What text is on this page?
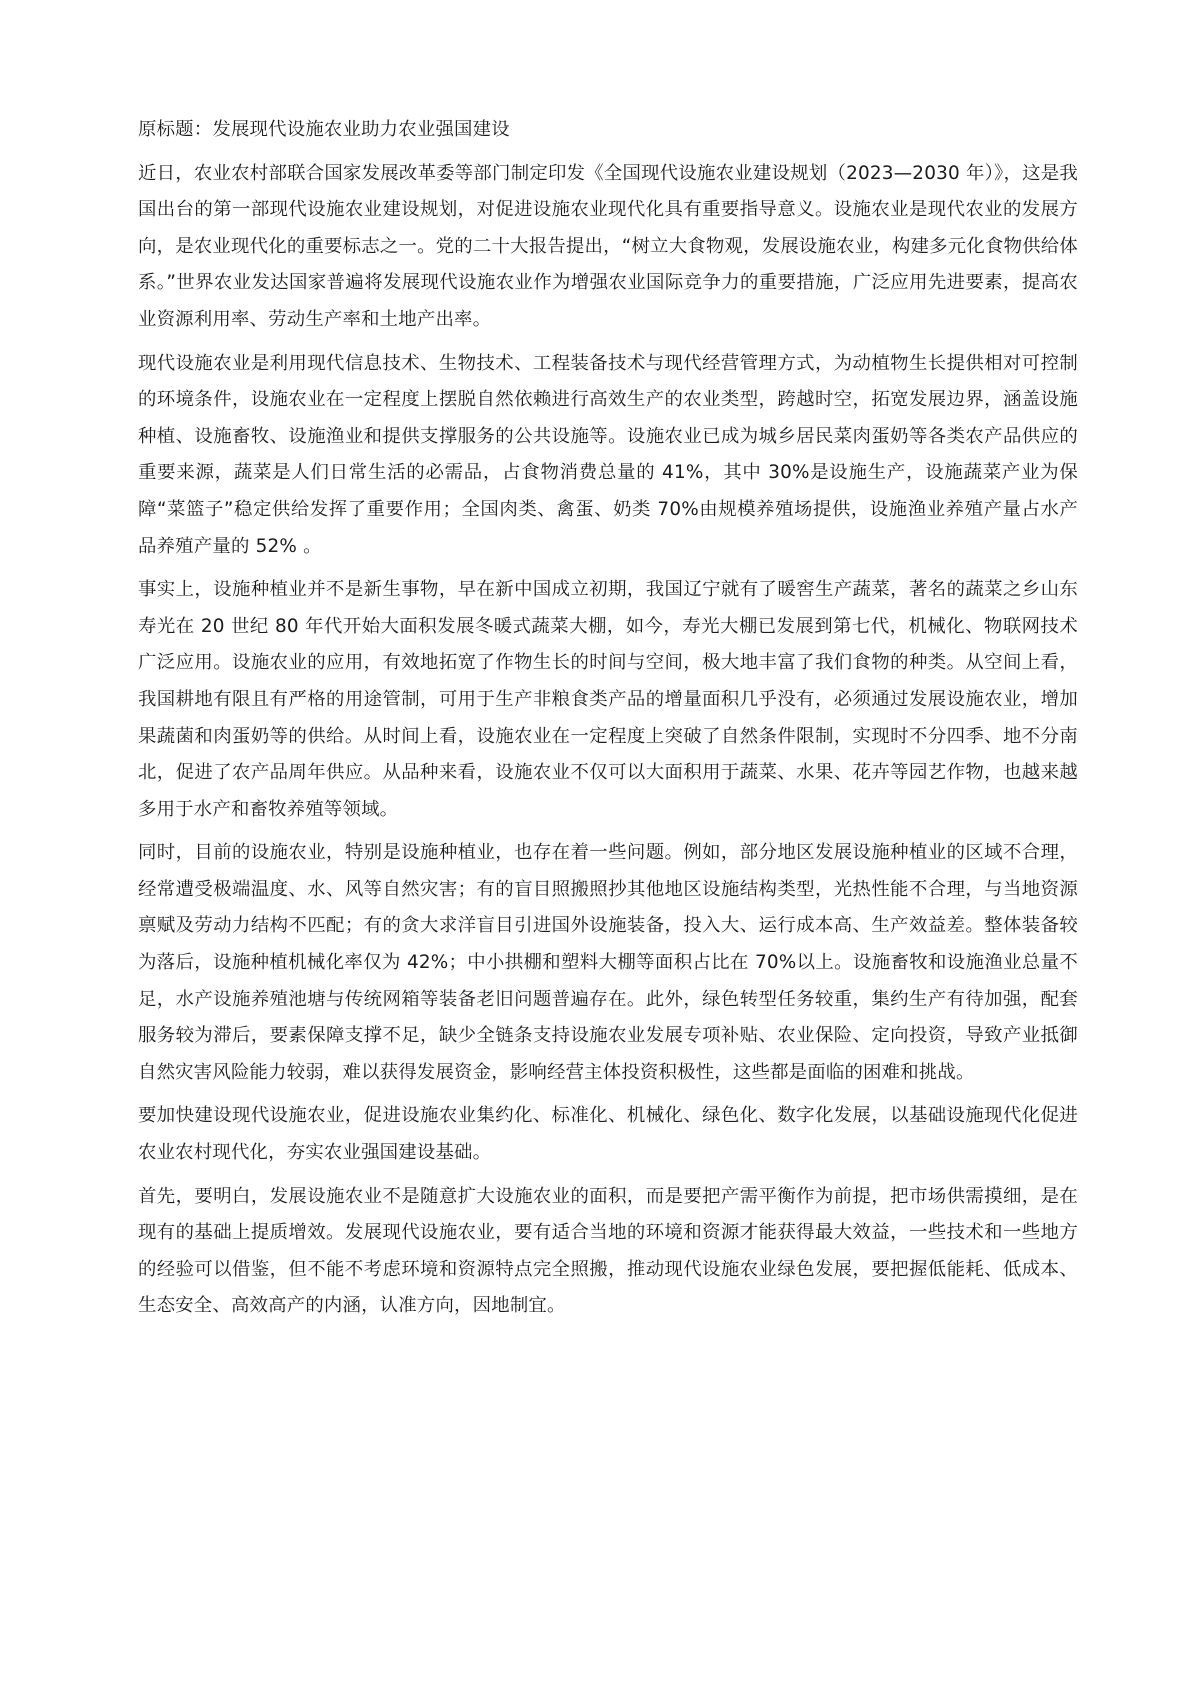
原标题：发展现代设施农业助力农业强国建设

近日，农业农村部联合国家发展改革委等部门制定印发《全国现代设施农业建设规划（2023—2030 年）》，这是我国出台的第一部现代设施农业建设规划，对促进设施农业现代化具有重要指导意义。设施农业是现代农业的发展方向，是农业现代化的重要标志之一。党的二十大报告提出，“树立大食物观，发展设施农业，构建多元化食物供给体系。”世界农业发达国家普遍将发展现代设施农业作为增强农业国际竞争力的重要措施，广泛应用先进要素，提高农业资源利用率、劳动生产率和土地产出率。

现代设施农业是利用现代信息技术、生物技术、工程装备技术与现代经营管理方式，为动植物生长提供相对可控制的环境条件，设施农业在一定程度上摆脱自然依赖进行高效生产的农业类型，跨越时空，拓宽发展边界，涵盖设施种植、设施畜牧、设施渔业和提供支撑服务的公共设施等。设施农业已成为城乡居民菜肉蛋奶等各类农产品供应的重要来源，蔬菜是人们日常生活的必需品，占食物消费总量的 41%，其中 30%是设施生产，设施蔬菜产业为保障“菜篮子”稳定供给发挥了重要作用；全国肉类、禽蛋、奶类 70%由规模养殖场提供，设施渔业养殖产量占水产品养殖产量的 52% 。

事实上，设施种植业并不是新生事物，早在新中国成立初期，我国辽宁就有了暖窖生产蔬菜，著名的蔬菜之乡山东寿光在 20 世纪 80 年代开始大面积发展冬暖式蔬菜大棚，如今，寿光大棚已发展到第七代，机械化、物联网技术广泛应用。设施农业的应用，有效地拓宽了作物生长的时间与空间，极大地丰富了我们食物的种类。从空间上看，我国耕地有限且有严格的用途管制，可用于生产非粮食类产品的增量面积几乎没有，必须通过发展设施农业，增加果蔬菌和肉蛋奶等的供给。从时间上看，设施农业在一定程度上突破了自然条件限制，实现时不分四季、地不分南北，促进了农产品周年供应。从品种来看，设施农业不仅可以大面积用于蔬菜、水果、花卉等园艺作物，也越来越多用于水产和畜牧养殖等领域。

同时，目前的设施农业，特别是设施种植业，也存在着一些问题。例如，部分地区发展设施种植业的区域不合理，经常遭受极端温度、水、风等自然灾害；有的盲目照搬照抄其他地区设施结构类型，光热性能不合理，与当地资源禀赋及劳动力结构不匹配；有的贪大求洋盲目引进国外设施装备，投入大、运行成本高、生产效益差。整体装备较为落后，设施种植机械化率仅为 42%；中小拱棚和塑料大棚等面积占比在 70%以上。设施畜牧和设施渔业总量不足，水产设施养殖池塘与传统网箱等装备老旧问题普遍存在。此外，绿色转型任务较重，集约生产有待加强，配套服务较为滞后，要素保障支撑不足，缺少全链条支持设施农业发展专项补贴、农业保险、定向投资，导致产业抵御自然灾害风险能力较弱，难以获得发展资金，影响经营主体投资积极性，这些都是面临的困难和挑战。

要加快建设现代设施农业，促进设施农业集约化、标准化、机械化、绿色化、数字化发展，以基础设施现代化促进农业农村现代化，夯实农业强国建设基础。

首先，要明白，发展设施农业不是随意扩大设施农业的面积，而是要把产需平衡作为前提，把市场供需摸细，是在现有的基础上提质增效。发展现代设施农业，要有适合当地的环境和资源才能获得最大效益，一些技术和一些地方的经验可以借鉴，但不能不考虑环境和资源特点完全照搬，推动现代设施农业绿色发展，要把握低能耗、低成本、生态安全、高效高产的内涵，认准方向，因地制宜。
